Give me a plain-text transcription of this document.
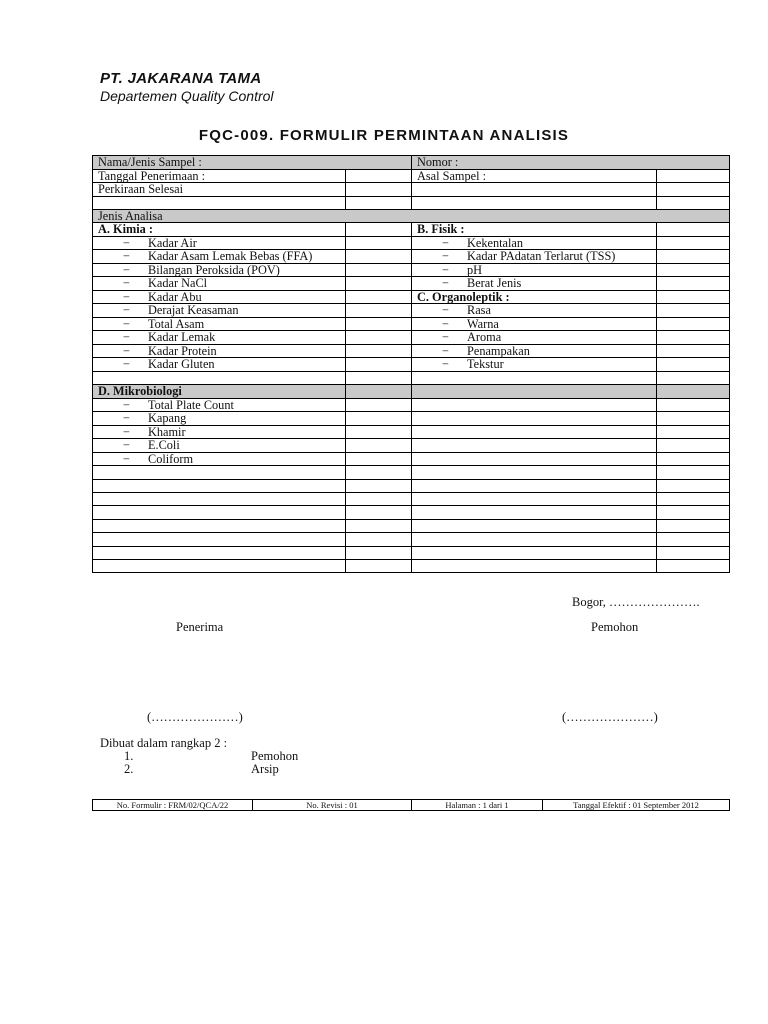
PT. JAKARANA TAMA
Departemen Quality Control
FQC-009. FORMULIR PERMINTAAN ANALISIS
Nama/Jenis Sampel :		Nomor :	
Tanggal Penerimaan :		Asal Sampel :	
Perkiraan Selesai			

Jenis Analisa			
A. Kimia :		B. Fisik :	

− Kadar Air		− Kekentalan	

− Kadar Asam Lemak Bebas (FFA)		− Kadar PAdatan Terlarut (TSS)	

− Bilangan Peroksida (POV)		− pH	

− Kadar NaCl		− Berat Jenis	

− Kadar Abu		C. Organoleptik :	

− Derajat Keasaman		− Rasa	

− Total Asam		− Warna	

− Kadar Lemak		− Aroma	

− Kadar Protein		− Penampakan	

− Kadar Gluten		− Tekstur	

D. Mikrobiologi			

− Total Plate Count			

− Kapang			

− Khamir			

− E.Coli			

− Coliform			

Bogor, ………………….
Penerima	Pemohon
(…………………)	(…………………)
Dibuat dalam rangkap 2 :
1.	Pemohon
2.	Arsip
No. Formulir : FRM/02/QCA/22	No. Revisi : 01	Halaman : 1 dari 1	Tanggal Efektif : 01 September 2012
